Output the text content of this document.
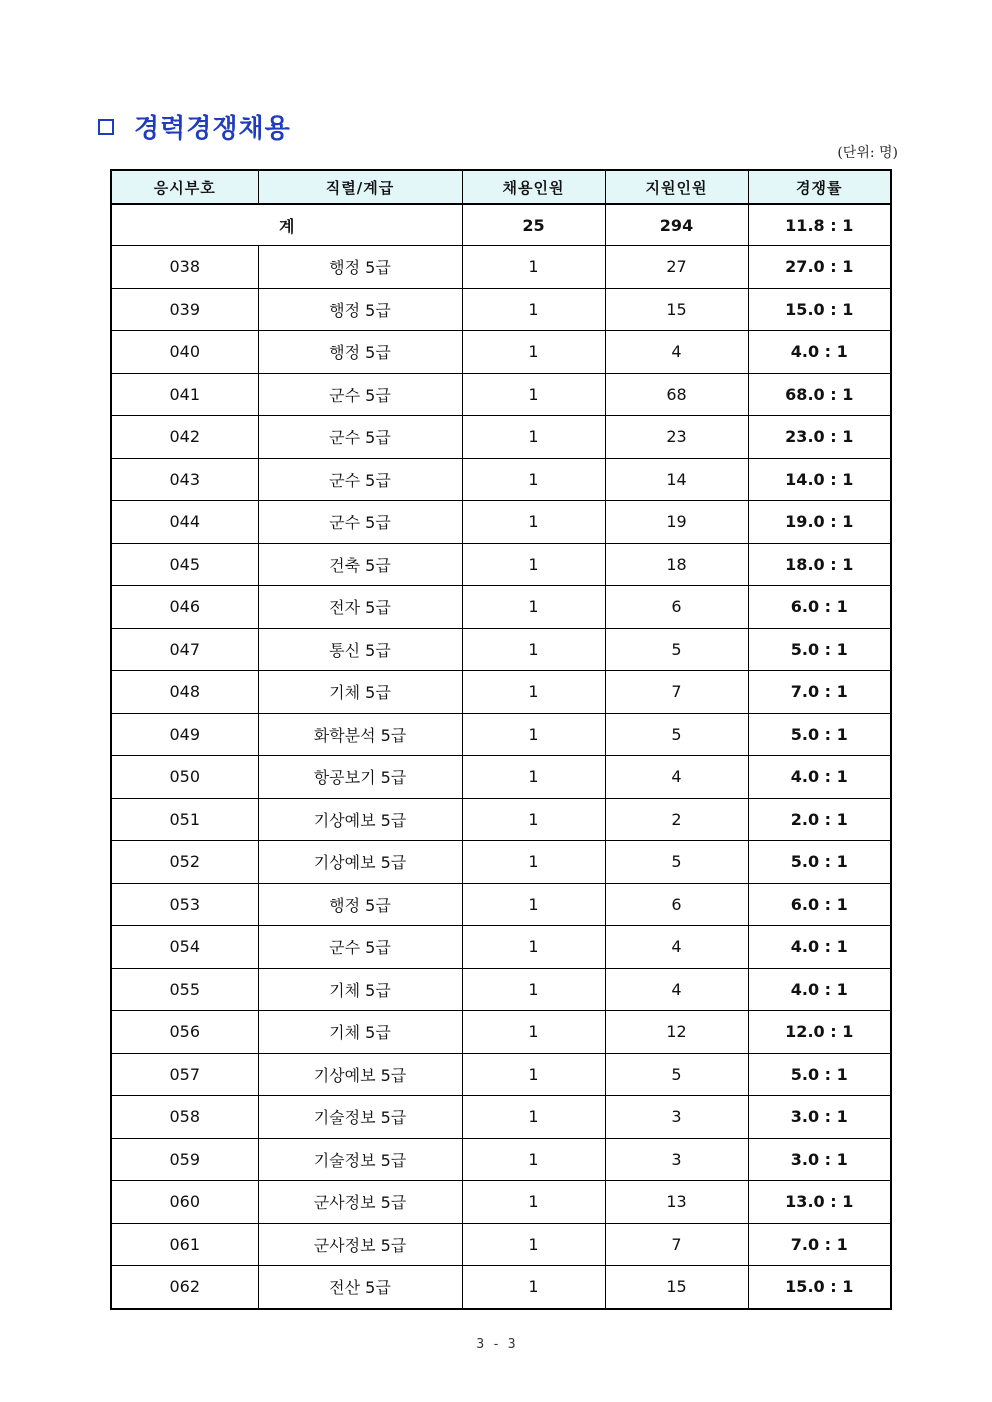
경력경쟁채용
(단위: 명)
응시부호	직렬/계급	채용인원	지원인원	경쟁률
계		25	294	11.8 : 1
038	행정 5급	1	27	27.0 : 1
039	행정 5급	1	15	15.0 : 1
040	행정 5급	1	4	4.0 : 1
041	군수 5급	1	68	68.0 : 1
042	군수 5급	1	23	23.0 : 1
043	군수 5급	1	14	14.0 : 1
044	군수 5급	1	19	19.0 : 1
045	건축 5급	1	18	18.0 : 1
046	전자 5급	1	6	6.0 : 1
047	통신 5급	1	5	5.0 : 1
048	기체 5급	1	7	7.0 : 1
049	화학분석 5급	1	5	5.0 : 1
050	항공보기 5급	1	4	4.0 : 1
051	기상예보 5급	1	2	2.0 : 1
052	기상예보 5급	1	5	5.0 : 1
053	행정 5급	1	6	6.0 : 1
054	군수 5급	1	4	4.0 : 1
055	기체 5급	1	4	4.0 : 1
056	기체 5급	1	12	12.0 : 1
057	기상예보 5급	1	5	5.0 : 1
058	기술정보 5급	1	3	3.0 : 1
059	기술정보 5급	1	3	3.0 : 1
060	군사정보 5급	1	13	13.0 : 1
061	군사정보 5급	1	7	7.0 : 1
062	전산 5급	1	15	15.0 : 1
3 - 3
